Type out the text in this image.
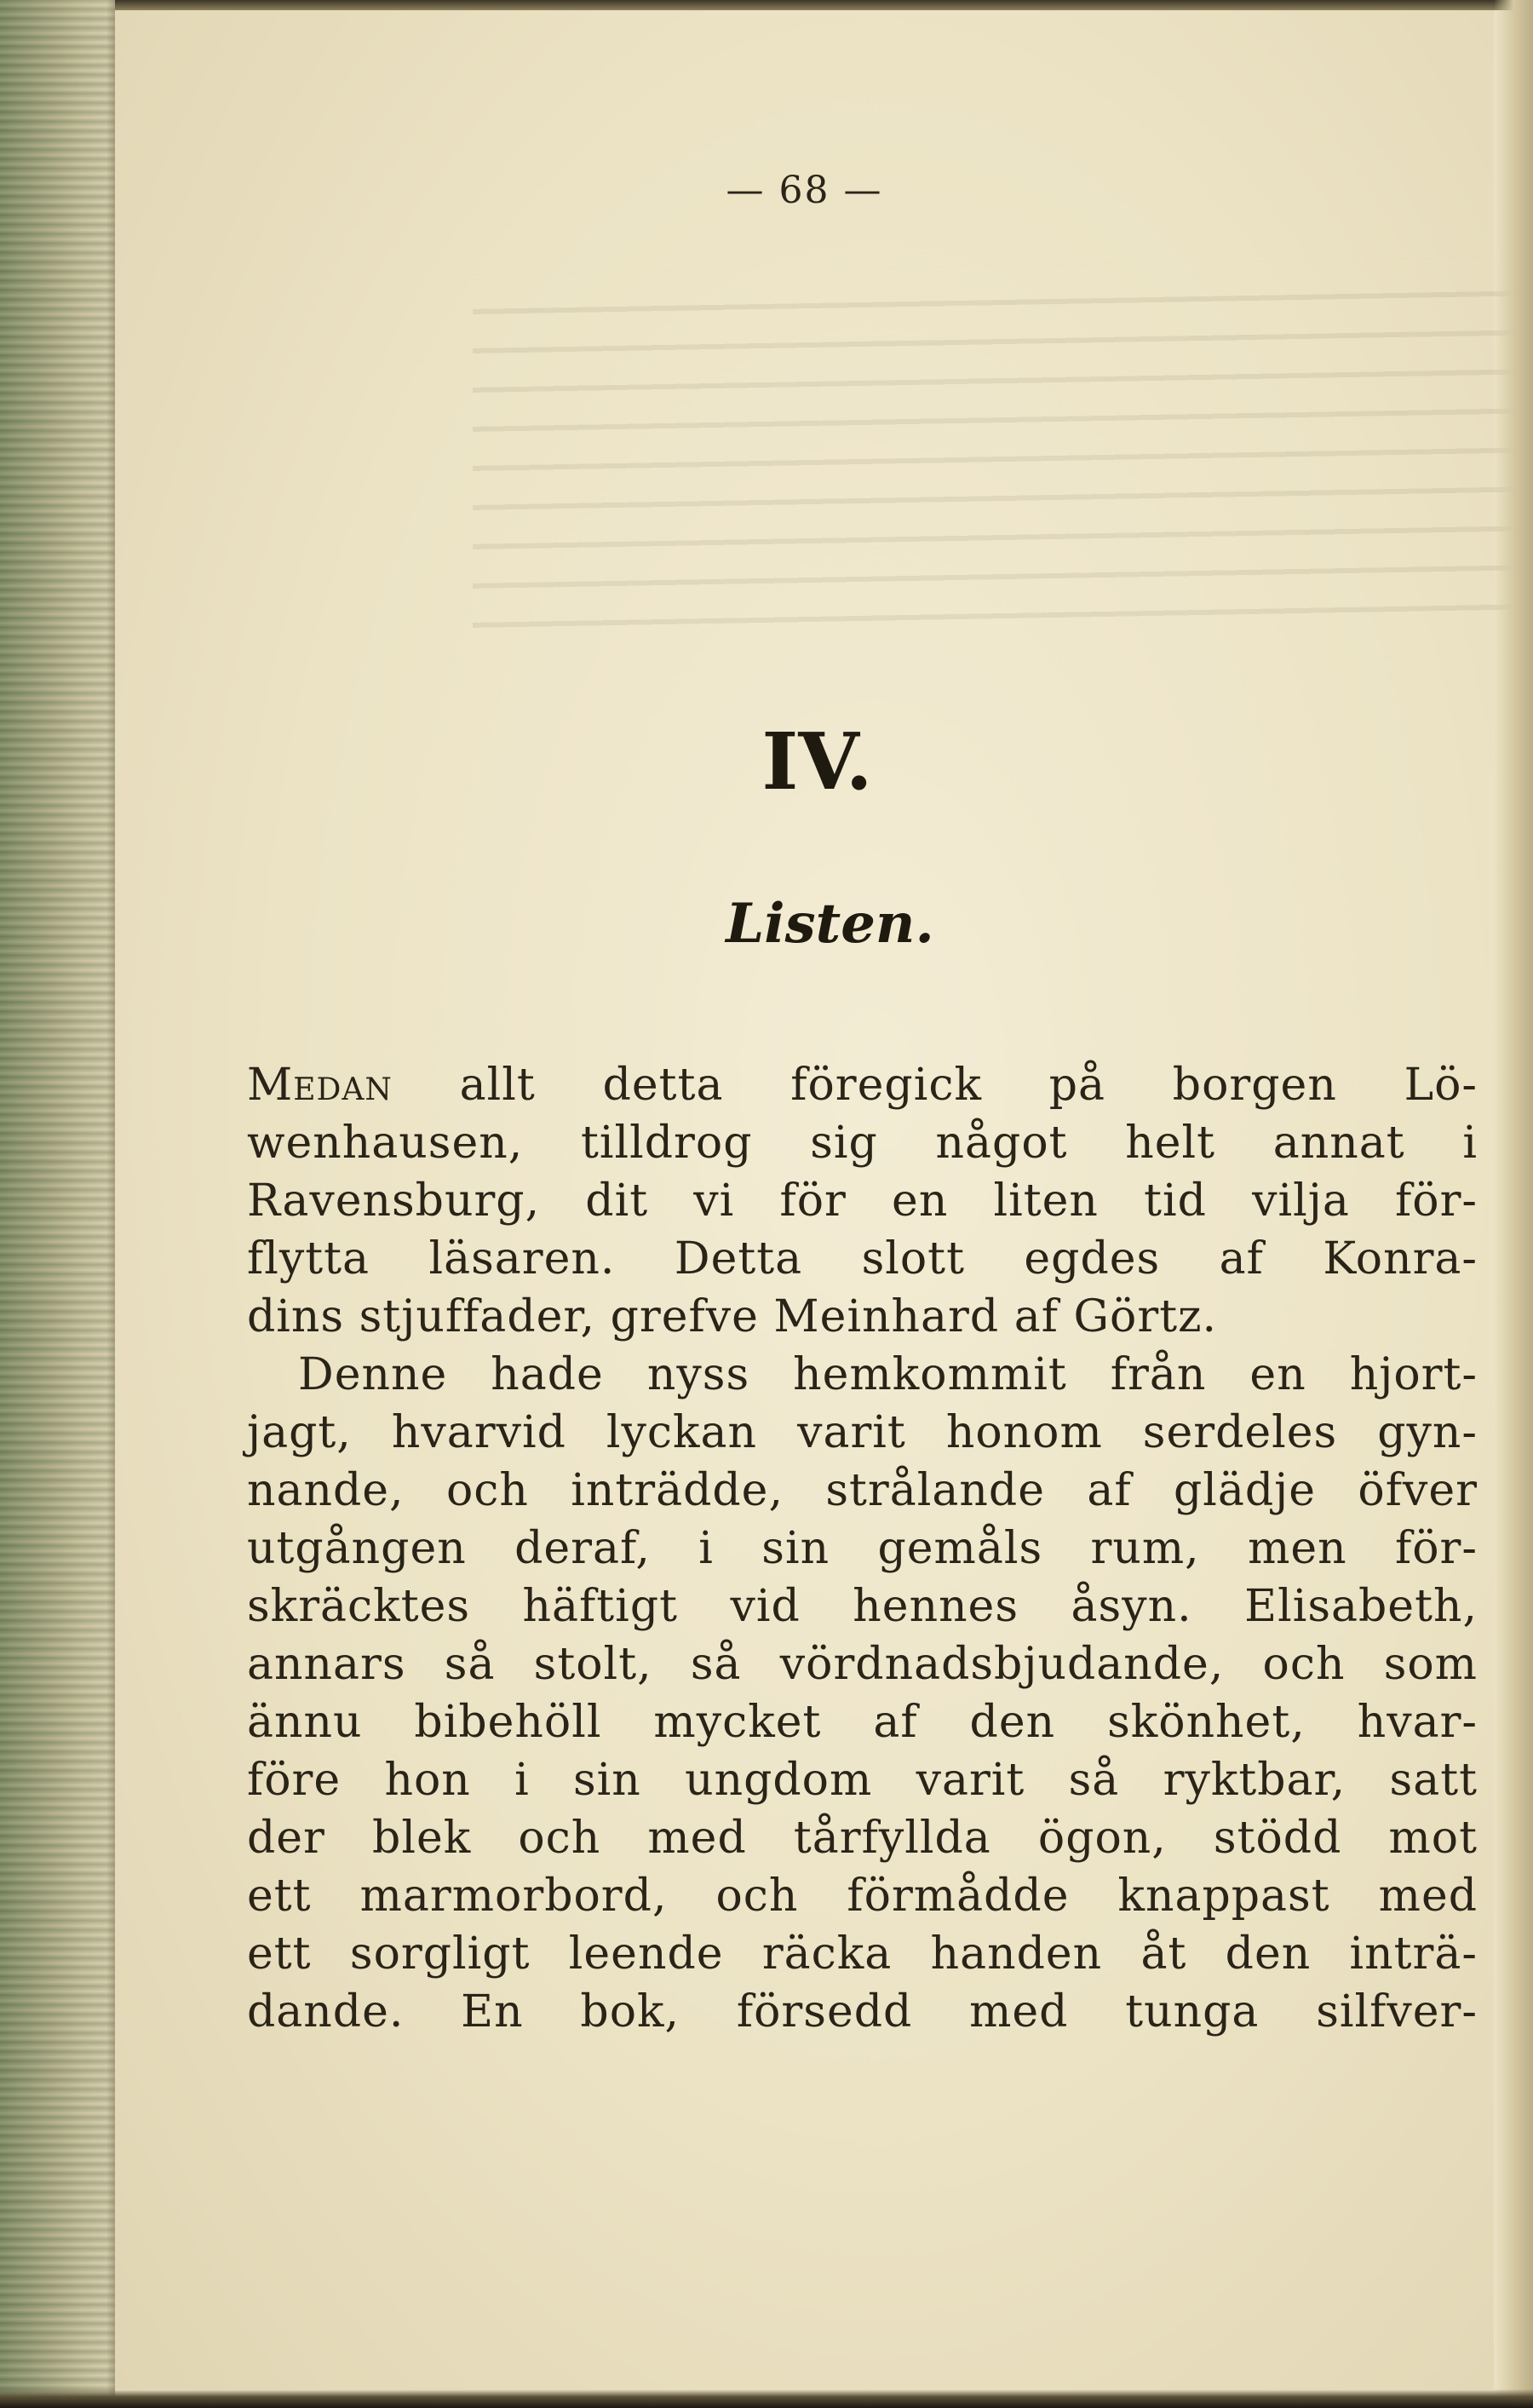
— 68 —
IV.
Listen.
Medan allt detta föregick på borgen Lö-
wenhausen, tilldrog sig något helt annat i
Ravensburg, dit vi för en liten tid vilja för-
flytta läsaren. Detta slott egdes af Konra-
dins stjuffader, grefve Meinhard af Görtz.
Denne hade nyss hemkommit från en hjort-
jagt, hvarvid lyckan varit honom serdeles gyn-
nande, och inträdde, strålande af glädje öfver
utgången deraf, i sin gemåls rum, men för-
skräcktes häftigt vid hennes åsyn. Elisabeth,
annars så stolt, så vördnadsbjudande, och som
ännu bibehöll mycket af den skönhet, hvar-
före hon i sin ungdom varit så ryktbar, satt
der blek och med tårfyllda ögon, stödd mot
ett marmorbord, och förmådde knappast med
ett sorgligt leende räcka handen åt den inträ-
dande. En bok, försedd med tunga silfver-
